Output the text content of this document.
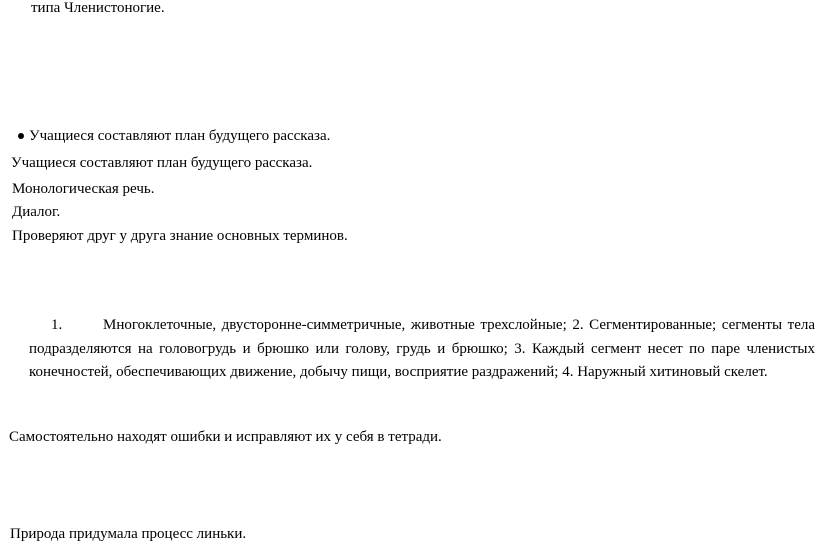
типа Членистоногие.
Учащиеся составляют план будущего рассказа.
Учащиеся составляют план будущего рассказа.
Монологическая речь.
Диалог.
Проверяют друг у друга знание основных терминов.
1.	Многоклеточные, двусторонне-симметричные, животные трехслойные; 2. Сегментированные; сегменты тела подразделяются на головогрудь и брюшко или голову, грудь и брюшко; 3. Каждый сегмент несет по паре членистых конечностей, обеспечивающих движение, добычу пищи, восприятие раздражений; 4. Наружный хитиновый скелет.
Самостоятельно находят ошибки и исправляют их у себя в тетради.
Природа придумала процесс линьки.
